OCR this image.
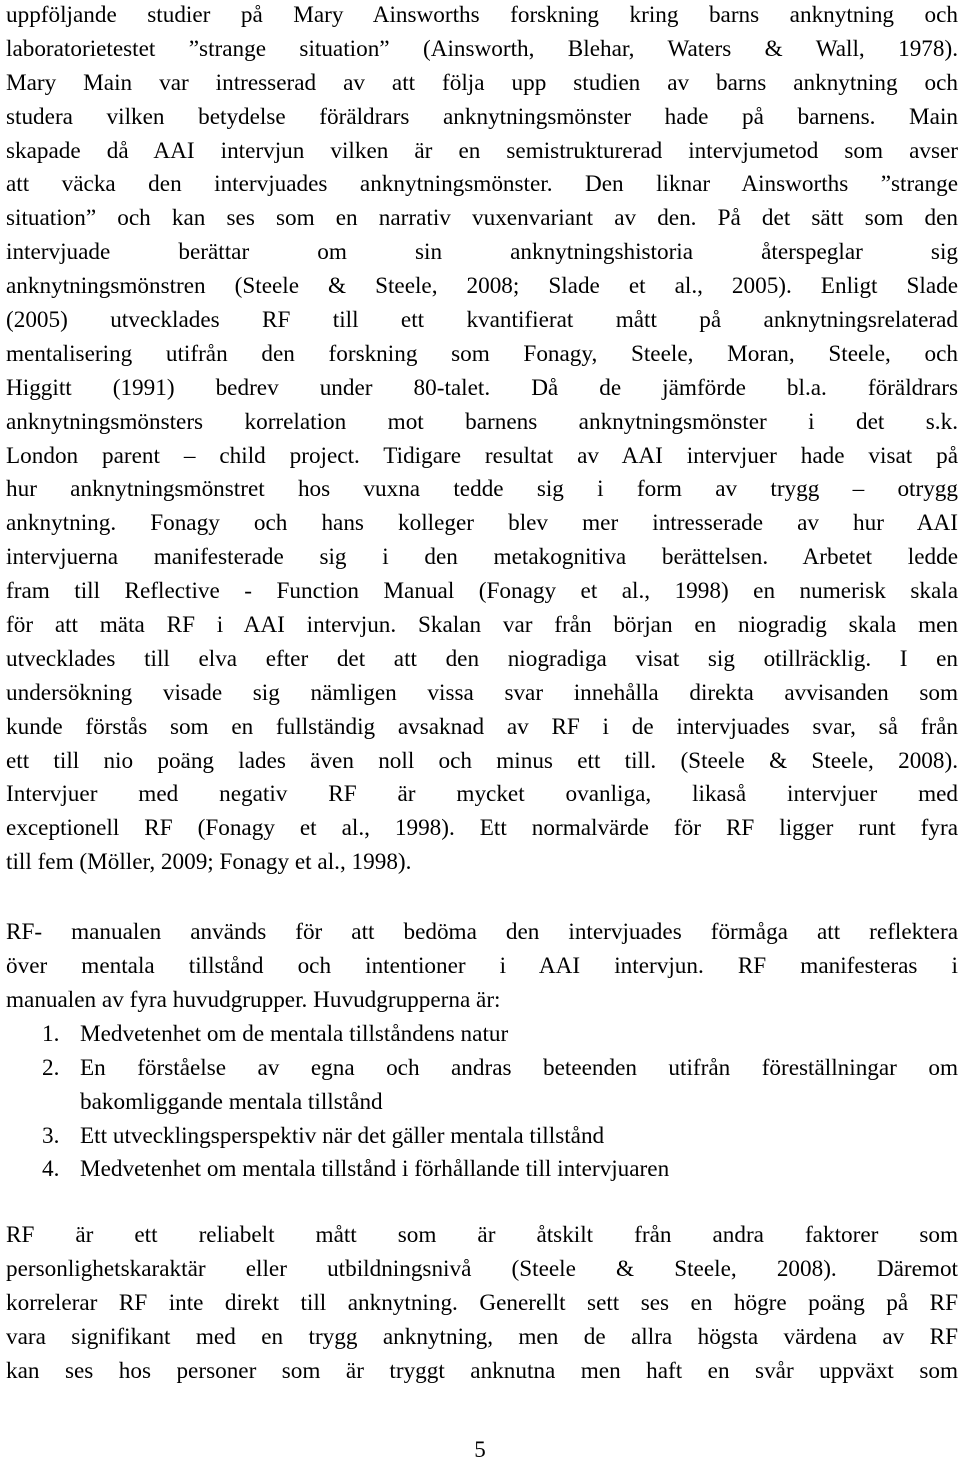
uppföljande studier på Mary Ainsworths forskning kring barns anknytning och
laboratorietestet ”strange situation” (Ainsworth, Blehar, Waters & Wall, 1978).
Mary Main var intresserad av att följa upp studien av barns anknytning och
studera vilken betydelse föräldrars anknytningsmönster hade på barnens. Main
skapade då AAI intervjun vilken är en semistrukturerad intervjumetod som avser
att väcka den intervjuades anknytningsmönster. Den liknar Ainsworths ”strange
situation” och kan ses som en narrativ vuxenvariant av den. På det sätt som den
intervjuade berättar om sin anknytningshistoria återspeglar sig
anknytningsmönstren (Steele & Steele, 2008; Slade et al., 2005). Enligt Slade
(2005) utvecklades RF till ett kvantifierat mått på anknytningsrelaterad
mentalisering utifrån den forskning som Fonagy, Steele, Moran, Steele, och
Higgitt (1991) bedrev under 80-talet. Då de jämförde bl.a. föräldrars
anknytningsmönsters korrelation mot barnens anknytningsmönster i det s.k.
London parent – child project. Tidigare resultat av AAI intervjuer hade visat på
hur anknytningsmönstret hos vuxna tedde sig i form av trygg – otrygg
anknytning. Fonagy och hans kolleger blev mer intresserade av hur AAI
intervjuerna manifesterade sig i den metakognitiva berättelsen. Arbetet ledde
fram till Reflective - Function Manual (Fonagy et al., 1998) en numerisk skala
för att mäta RF i AAI intervjun. Skalan var från början en niogradig skala men
utvecklades till elva efter det att den niogradiga visat sig otillräcklig. I en
undersökning visade sig nämligen vissa svar innehålla direkta avvisanden som
kunde förstås som en fullständig avsaknad av RF i de intervjuades svar, så från
ett till nio poäng lades även noll och minus ett till. (Steele & Steele, 2008).
Intervjuer med negativ RF är mycket ovanliga, likaså intervjuer med
exceptionell RF (Fonagy et al., 1998). Ett normalvärde för RF ligger runt fyra
till fem (Möller, 2009; Fonagy et al., 1998).
RF- manualen används för att bedöma den intervjuades förmåga att reflektera
över mentala tillstånd och intentioner i AAI intervjun. RF manifesteras i
manualen av fyra huvudgrupper. Huvudgrupperna är:
1. Medvetenhet om de mentala tillståndens natur
2. En förståelse av egna och andras beteenden utifrån föreställningar om
bakomliggande mentala tillstånd
3. Ett utvecklingsperspektiv när det gäller mentala tillstånd
4. Medvetenhet om mentala tillstånd i förhållande till intervjuaren
RF är ett reliabelt mått som är åtskilt från andra faktorer som
personlighetskaraktär eller utbildningsnivå (Steele & Steele, 2008). Däremot
korrelerar RF inte direkt till anknytning. Generellt sett ses en högre poäng på RF
vara signifikant med en trygg anknytning, men de allra högsta värdena av RF
kan ses hos personer som är tryggt anknutna men haft en svår uppväxt som
5
